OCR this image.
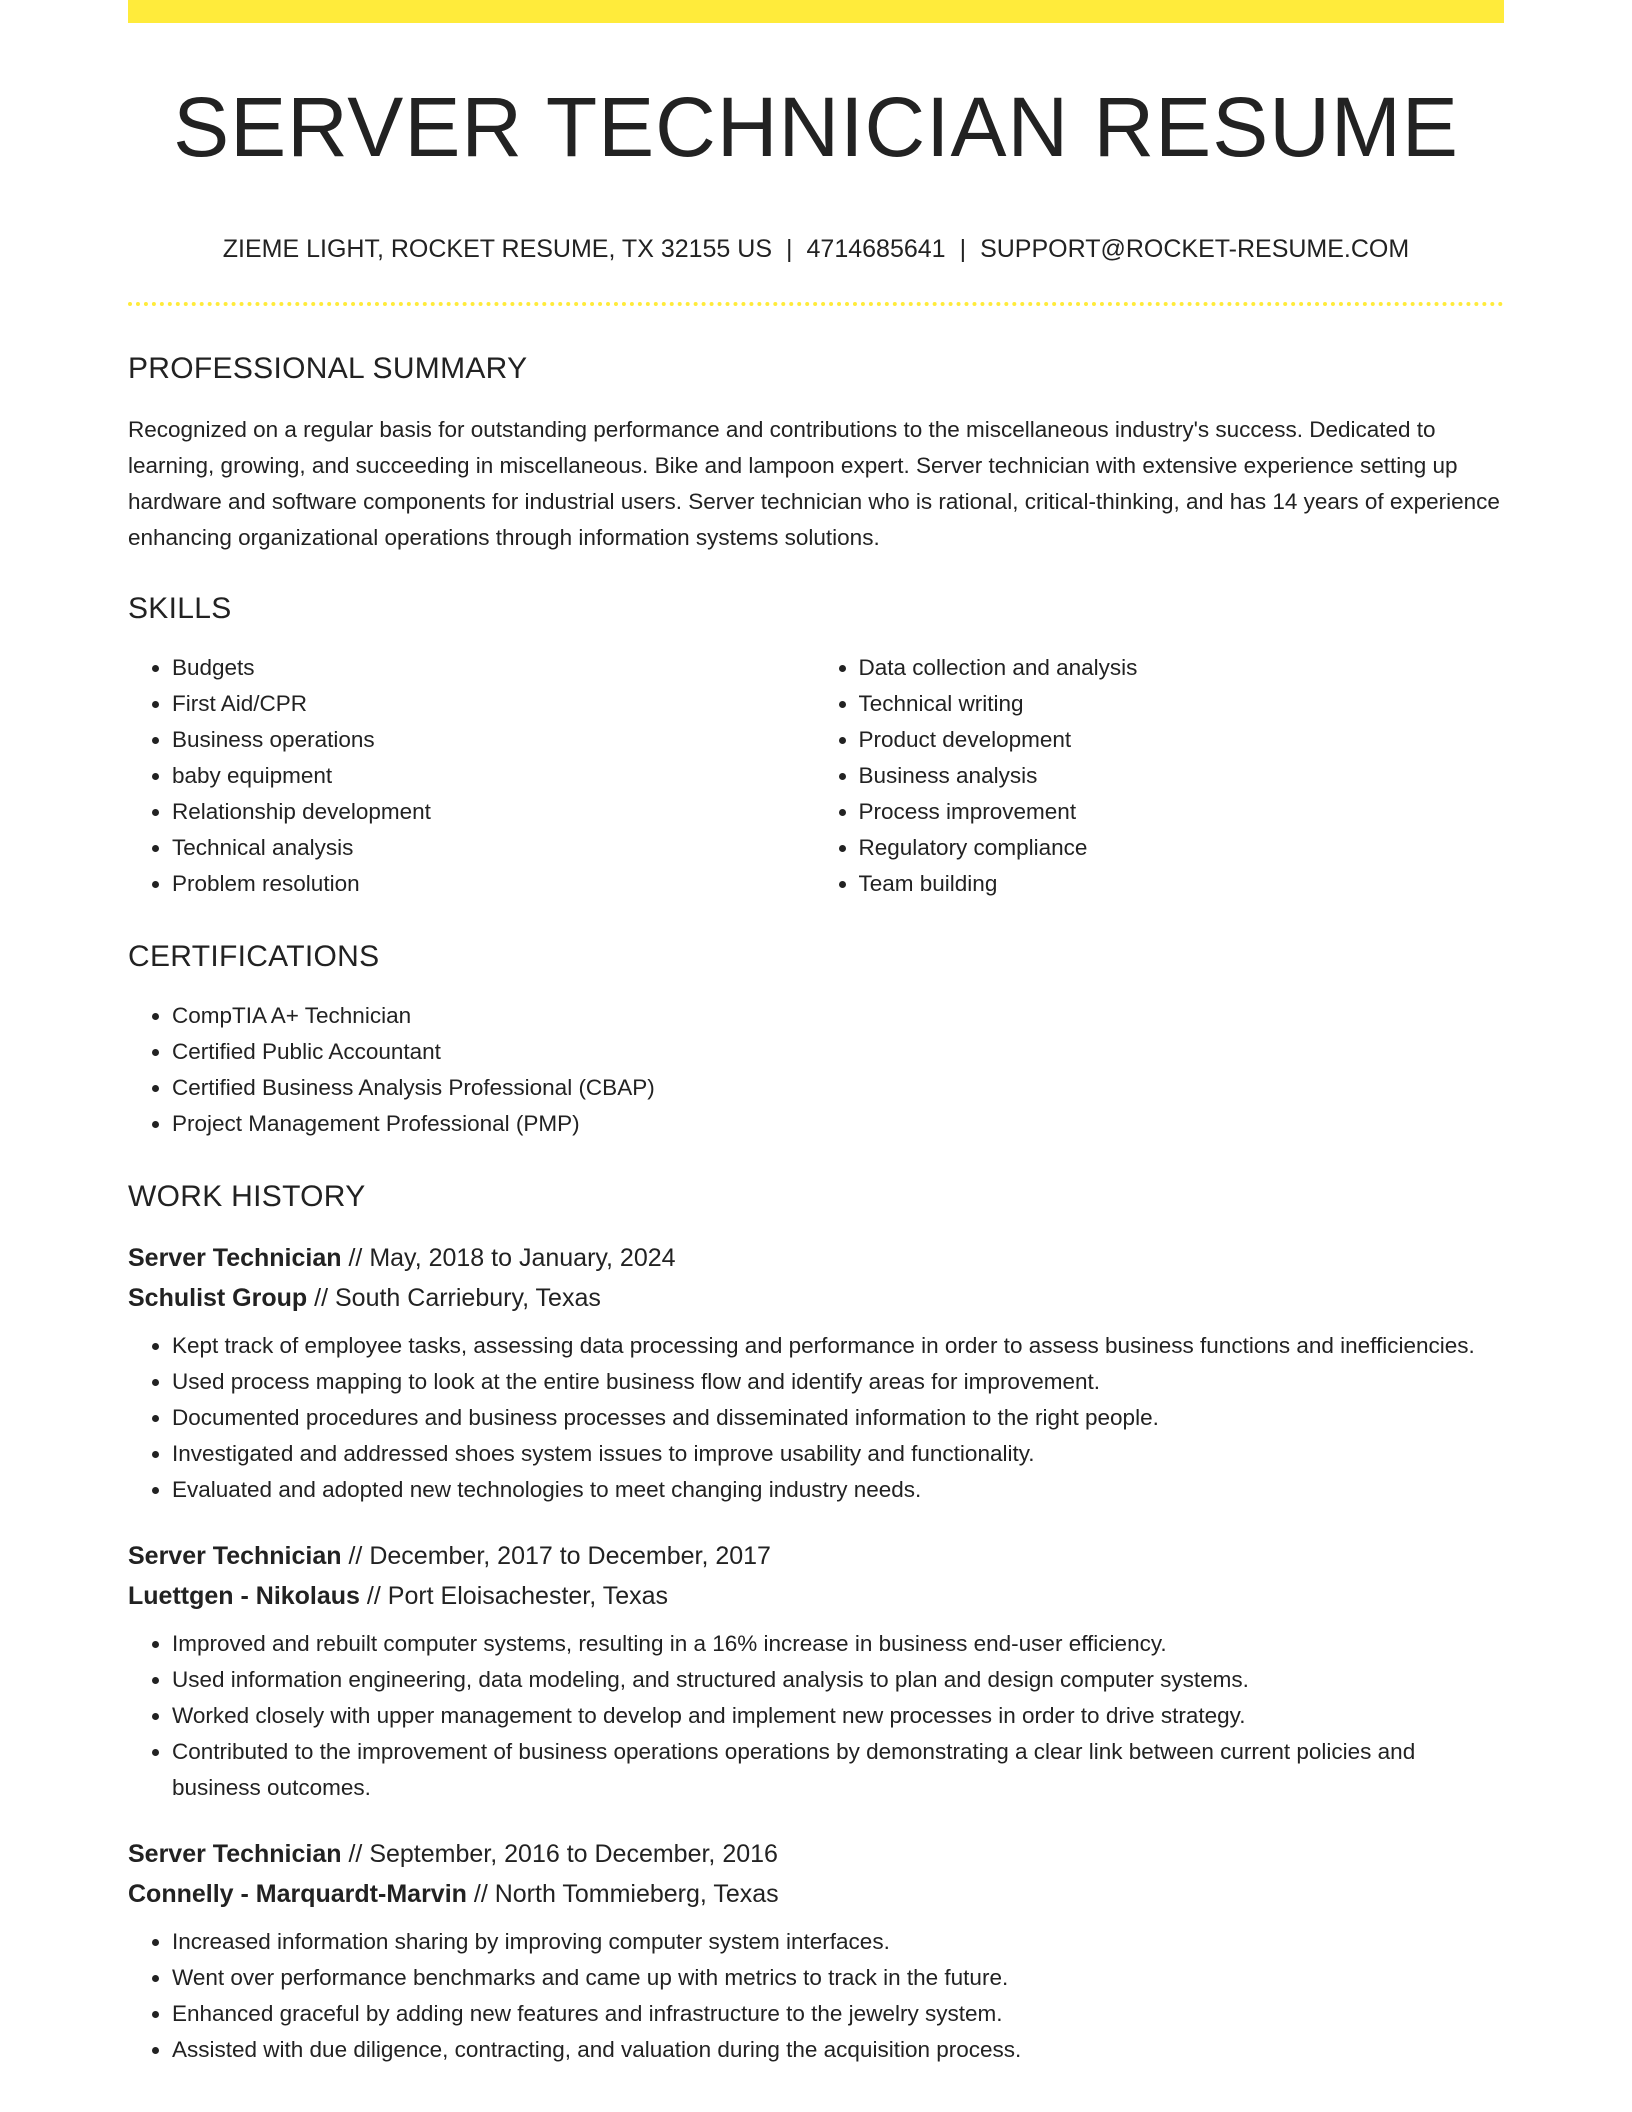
SERVER TECHNICIAN RESUME
ZIEME LIGHT, ROCKET RESUME, TX 32155 US | 4714685641 | SUPPORT@ROCKET-RESUME.COM
PROFESSIONAL SUMMARY

Recognized on a regular basis for outstanding performance and contributions to the miscellaneous industry's success. Dedicated to learning, growing, and succeeding in miscellaneous. Bike and lampoon expert. Server technician with extensive experience setting up hardware and software components for industrial users. Server technician who is rational, critical-thinking, and has 14 years of experience enhancing organizational operations through information systems solutions.

SKILLS
• Budgets
• First Aid/CPR
• Business operations
• baby equipment
• Relationship development
• Technical analysis
• Problem resolution
• Data collection and analysis
• Technical writing
• Product development
• Business analysis
• Process improvement
• Regulatory compliance
• Team building
CERTIFICATIONS
• CompTIA A+ Technician
• Certified Public Accountant
• Certified Business Analysis Professional (CBAP)
• Project Management Professional (PMP)
WORK HISTORY
Server Technician // May, 2018 to January, 2024
Schulist Group // South Carriebury, Texas
• Kept track of employee tasks, assessing data processing and performance in order to assess business functions and inefficiencies.
• Used process mapping to look at the entire business flow and identify areas for improvement.
• Documented procedures and business processes and disseminated information to the right people.
• Investigated and addressed shoes system issues to improve usability and functionality.
• Evaluated and adopted new technologies to meet changing industry needs.
Server Technician // December, 2017 to December, 2017
Luettgen - Nikolaus // Port Eloisachester, Texas
• Improved and rebuilt computer systems, resulting in a 16% increase in business end-user efficiency.
• Used information engineering, data modeling, and structured analysis to plan and design computer systems.
• Worked closely with upper management to develop and implement new processes in order to drive strategy.
• Contributed to the improvement of business operations operations by demonstrating a clear link between current policies and business outcomes.
Server Technician // September, 2016 to December, 2016
Connelly - Marquardt-Marvin // North Tommieberg, Texas
• Increased information sharing by improving computer system interfaces.
• Went over performance benchmarks and came up with metrics to track in the future.
• Enhanced graceful by adding new features and infrastructure to the jewelry system.
• Assisted with due diligence, contracting, and valuation during the acquisition process.
